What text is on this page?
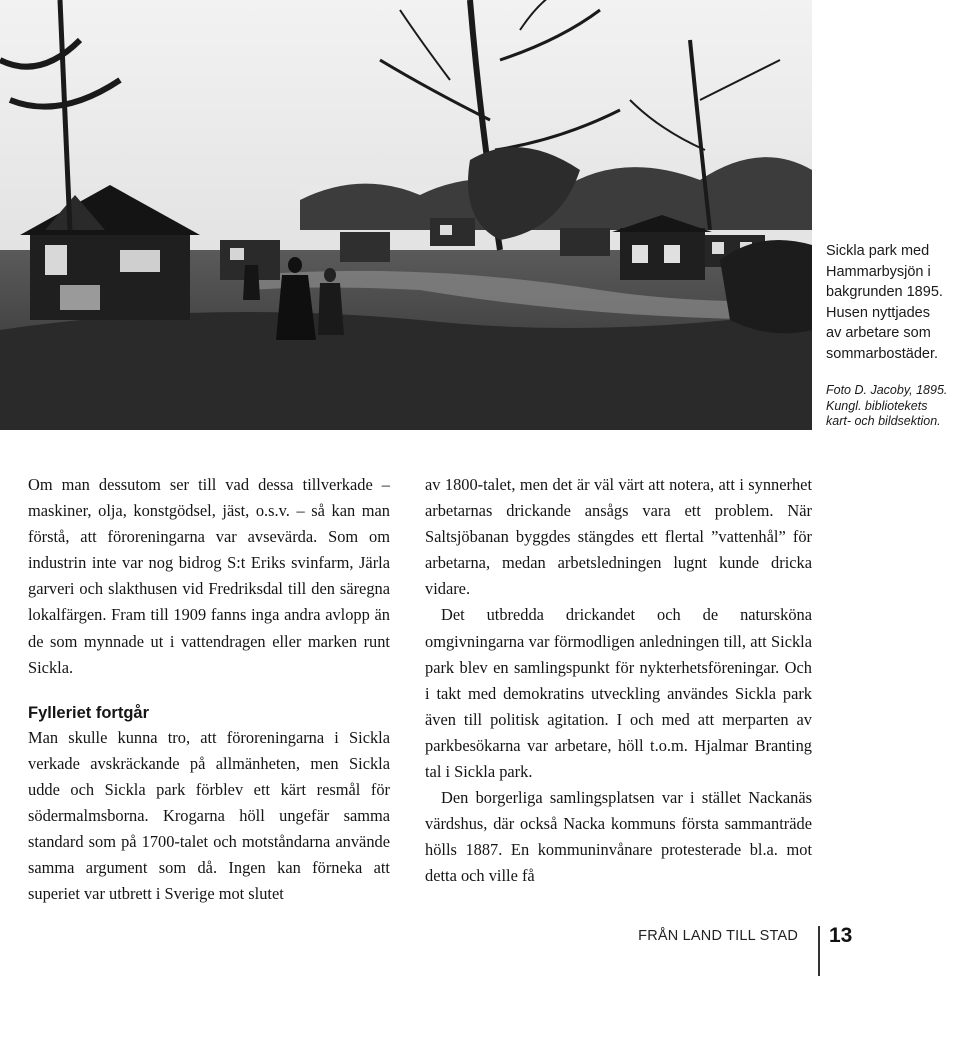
Sickla park med

Hammarbysjön i

bakgrunden 1895.

Husen nyttjades

av arbetare som

sommarbostäder.

Foto D. Jacoby, 1895.
Kungl. bibliotekets
kart- och bildsektion.

Om man dessutom ser till vad dessa tillverkade – maskiner, olja, konstgödsel, jäst, o.s.v. – så kan man förstå, att föroreningarna var avsevärda. Som om industrin inte var nog bidrog S:t Eriks svinfarm, Järla garveri och slakthusen vid Fredriksdal till den säregna lokalfärgen. Fram till 1909 fanns inga andra avlopp än de som mynnade ut i vattendragen eller marken runt Sickla.

Fylleriet fortgår

Man skulle kunna tro, att föroreningarna i Sickla verkade avskräckande på allmänheten, men Sickla udde och Sickla park förblev ett kärt resmål för södermalmsborna. Krogarna höll ungefär samma standard som på 1700-talet och motståndarna använde samma argument som då. Ingen kan förneka att superiet var utbrett i Sverige mot slutet

av 1800-talet, men det är väl värt att notera, att i synnerhet arbetarnas drickande ansågs vara ett problem. När Saltsjöbanan byggdes stängdes ett flertal ”vattenhål” för arbetarna, medan arbetsledningen lugnt kunde dricka vidare.

Det utbredda drickandet och de natursköna omgivningarna var förmodligen anledningen till, att Sickla park blev en samlingspunkt för nykterhetsföreningar. Och i takt med demokratins utveckling användes Sickla park även till politisk agitation. I och med att merparten av parkbesökarna var arbetare, höll t.o.m. Hjalmar Branting tal i Sickla park.

Den borgerliga samlingsplatsen var i stället Nackanäs värdshus, där också Nacka kommuns första sammanträde hölls 1887. En kommuninvånare protesterade bl.a. mot detta och ville få

FRÅN LAND TILL STAD 13
